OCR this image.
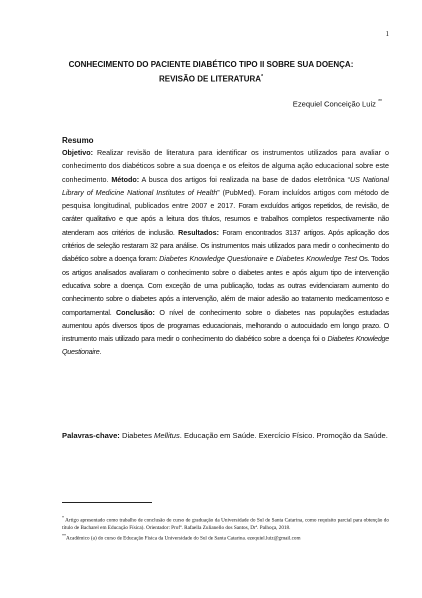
1
CONHECIMENTO DO PACIENTE DIABÉTICO TIPO II SOBRE SUA DOENÇA:
REVISÃO DE LITERATURA*
Ezequiel Conceição Luiz **
Resumo

Objetivo: Realizar revisão de literatura para identificar os instrumentos utilizados para avaliar o conhecimento dos diabéticos sobre a sua doença e os efeitos de alguma ação educacional sobre este conhecimento. Método: A busca dos artigos foi realizada na base de dados eletrônica “US National Library of Medicine National Institutes of Health” (PubMed). Foram incluídos artigos com método de pesquisa longitudinal, publicados entre 2007 e 2017. Foram excluídos artigos repetidos, de revisão, de caráter qualitativo e que após a leitura dos títulos, resumos e trabalhos completos respectivamente não atenderam aos critérios de inclusão. Resultados: Foram encontrados 3137 artigos. Após aplicação dos critérios de seleção restaram 32 para análise. Os instrumentos mais utilizados para medir o conhecimento do diabético sobre a doença foram: Diabetes Knowledge Questionaire e Diabetes Knowledge Test Os. Todos os artigos analisados avaliaram o conhecimento sobre o diabetes antes e após algum tipo de intervenção educativa sobre a doença. Com exceção de uma publicação, todas as outras evidenciaram aumento do conhecimento sobre o diabetes após a intervenção, além de maior adesão ao tratamento medicamentoso e comportamental. Conclusão: O nível de conhecimento sobre o diabetes nas populações estudadas aumentou após diversos tipos de programas educacionais, melhorando o autocuidado em longo prazo. O instrumento mais utilizado para medir o conhecimento do diabético sobre a doença foi o Diabetes Knowledge Questionaire.

Palavras-chave: Diabetes Mellitus. Educação em Saúde. Exercício Físico. Promoção da Saúde.

* Artigo apresentado como trabalho de conclusão de curso de graduação da Universidade do Sul de Santa Catarina, como requisito parcial para obtenção do título de Bacharel em Educação Física). Orientador: Profª. Rafaella Zulianello dos Santos, Drª. Palhoça, 2018.

**Acadêmico (a) do curso de Educação Física da Universidade do Sul de Santa Catarina. ezequiel.luiz@gmail.com
